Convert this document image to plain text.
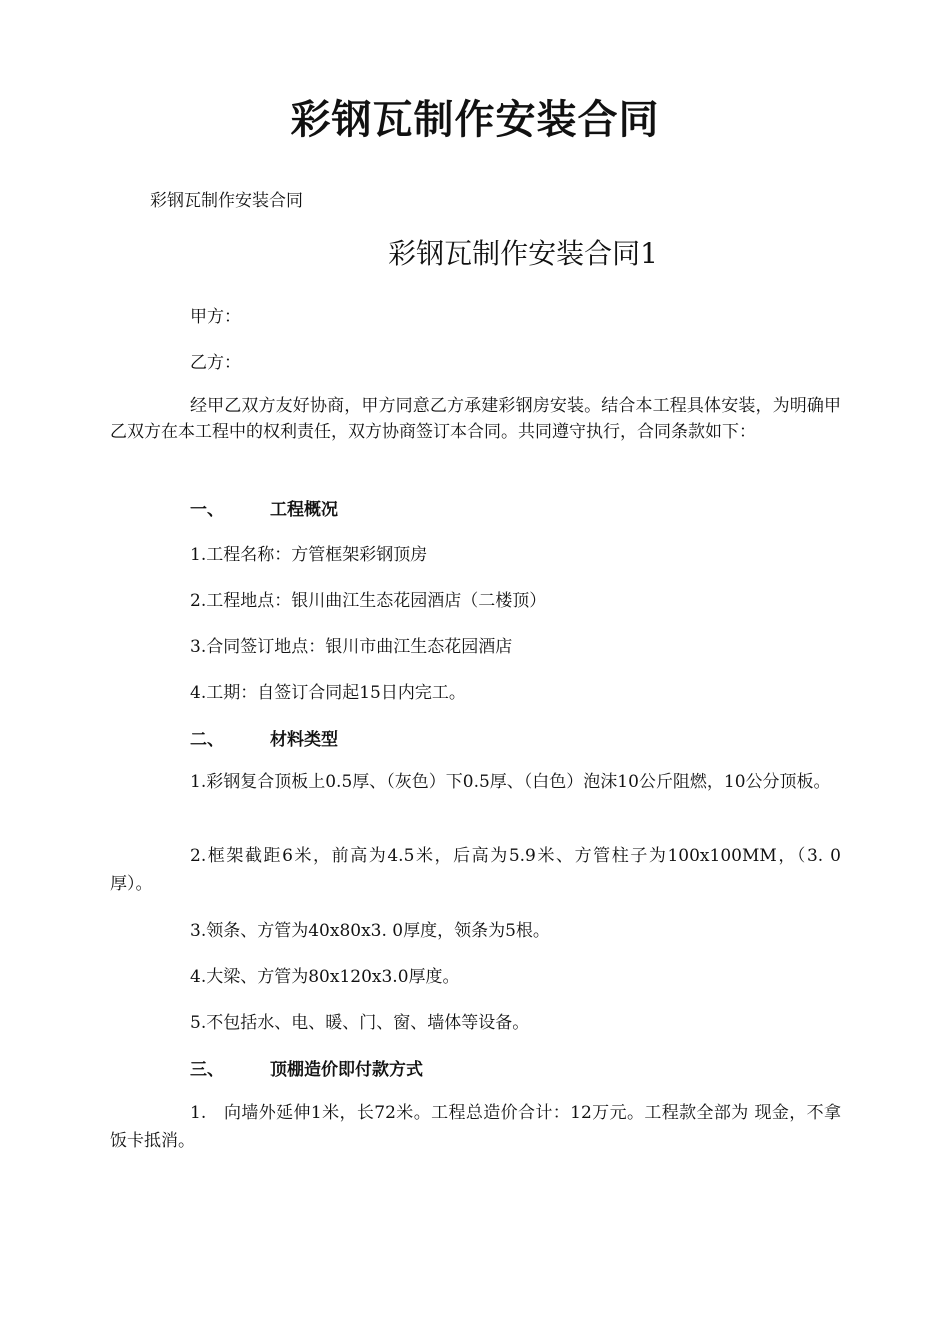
彩钢瓦制作安装合同
彩钢瓦制作安装合同
彩钢瓦制作安装合同1
甲方：
乙方：
经甲乙双方友好协商，甲方同意乙方承建彩钢房安装。结合本工程具体安装，为明确甲乙双方在本工程中的权利责任，双方协商签订本合同。共同遵守执行，合同条款如下：
一、	工程概况
1.工程名称：方管框架彩钢顶房
2.工程地点：银川曲江生态花园酒店（二楼顶）
3.合同签订地点：银川市曲江生态花园酒店
4.工期：自签订合同起15日内完工。
二、	材料类型
1.彩钢复合顶板上0.5厚、（灰色）下0.5厚、（白色）泡沫10公斤阻燃，10公分顶板。
2.框架截距6米，前高为4.5米，后高为5.9米、方管柱子为100x100MM，（3. 0 厚）。
3.领条、方管为40x80x3. 0厚度，领条为5根。
4.大梁、方管为80x120x3.0厚度。
5.不包括水、电、暖、门、窗、墙体等设备。
三、	顶棚造价即付款方式
1.　向墙外延伸1米，长72米。工程总造价合计：12万元。工程款全部为 现金，不拿饭卡抵消。
